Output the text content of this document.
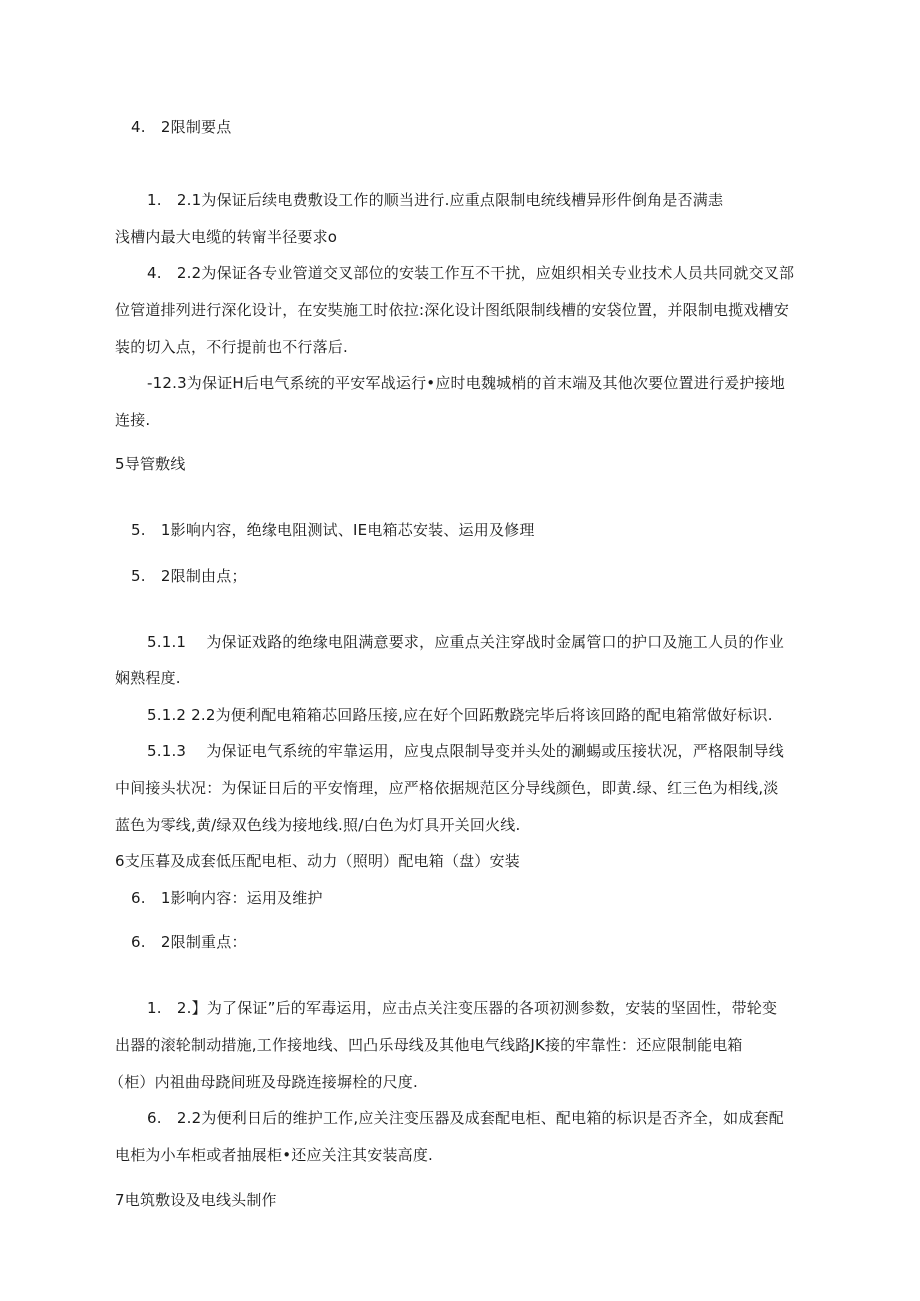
4.　2限制要点
1.　2.1为保证后续电费敷设工作的顺当进行.应重点限制电统线槽异形件倒角是否满恚
浅槽内最大电缆的转甯半径要求o
4.　2.2为保证各专业管道交叉部位的安装工作互不干扰，应姐织相关专业技术人员共同就交叉部
位管道排列进行深化设计，在安奘施工时依拉:深化设计图纸限制线槽的安袋位置，并限制电揽戏槽安
装的切入点，不行提前也不行落后.
-12.3为保证H后电气系统的平安军战运行•应时电魏城梢的首末端及其他次要位置进行爰护接地
连接.
5导管敷线
5.　1影响内容，绝缘电阻测试、IE电箱芯安装、运用及修理
5.　2限制由点；
5.1.1　 为保证戏路的绝缘电阻满意要求，应重点关注穿战时金属管口的护口及施工人员的作业
娴熟程度.
5.1.2 2.2为便利配电箱箱芯回路压接,应在好个回跖敷跷完毕后将该回路的配电箱常做好标识.
5.1.3　 为保证电气系统的牢靠运用，应曳点限制导变并头处的涮蝪或压接状况，严格限制导线
中间接头状况：为保证日后的平安惰理，应严格依据规范区分导线颜色，即黄.绿、红三色为相线,淡
蓝色为零线,黄/绿双色线为接地线.照/白色为灯具开关回火线.
6支压暮及成套低压配电柜、动力（照明）配电箱（盘）安装
6.　1影响内容：运用及维护
6.　2限制重点：
1.　2.】为了保证”后的军毒运用，应击点关注变压器的各项初测参数，安装的坚固性，带轮变
出器的滚轮制动措施,工作接地线、凹凸乐母线及其他电气线路JK接的牢靠性：还应限制能电箱
（柜）内祖曲母跷间班及母跷连接塀栓的尺度.
6.　2.2为便利日后的维护工作,应关注变压器及成套配电柜、配电箱的标识是否齐全，如成套配
电柜为小车柜或者抽展柜•还应关注其安装高度.
7电筑敷设及电线头制作
